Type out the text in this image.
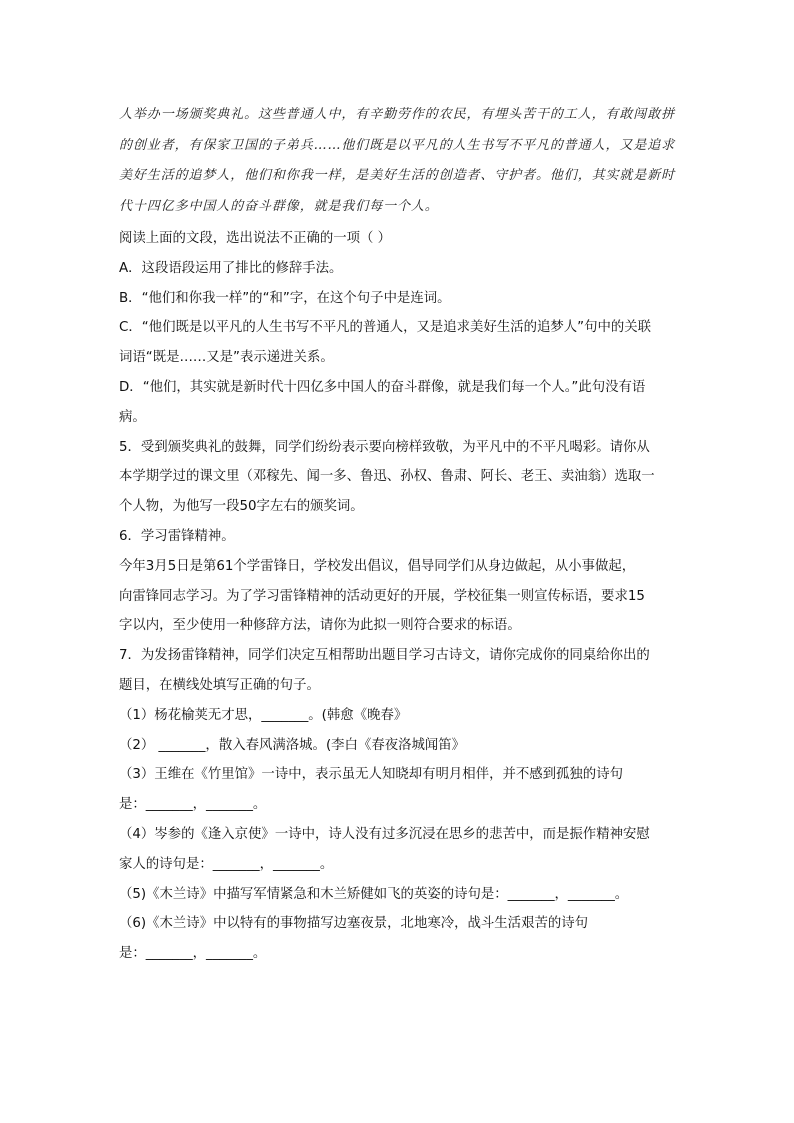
人举办一场颁奖典礼。这些普通人中，有辛勤劳作的农民，有埋头苦干的工人，有敢闯敢拼
的创业者，有保家卫国的子弟兵……他们既是以平凡的人生书写不平凡的普通人，又是追求
美好生活的追梦人，他们和你我一样，是美好生活的创造者、守护者。他们，其实就是新时
代十四亿多中国人的奋斗群像，就是我们每一个人。
阅读上面的文段，选出说法不正确的一项（ ）
A．这段语段运用了排比的修辞手法。
B．“他们和你我一样”的“和”字，在这个句子中是连词。
C．“他们既是以平凡的人生书写不平凡的普通人，又是追求美好生活的追梦人”句中的关联
词语“既是……又是”表示递进关系。
D．“他们，其实就是新时代十四亿多中国人的奋斗群像，就是我们每一个人。”此句没有语
病。
5．受到颁奖典礼的鼓舞，同学们纷纷表示要向榜样致敬，为平凡中的不平凡喝彩。请你从
本学期学过的课文里（邓稼先、闻一多、鲁迅、孙权、鲁肃、阿长、老王、卖油翁）选取一
个人物，为他写一段50字左右的颁奖词。
6．学习雷锋精神。
今年3月5日是第61个学雷锋日，学校发出倡议，倡导同学们从身边做起，从小事做起，
向雷锋同志学习。为了学习雷锋精神的活动更好的开展，学校征集一则宣传标语，要求15
字以内，至少使用一种修辞方法，请你为此拟一则符合要求的标语。
7．为发扬雷锋精神，同学们决定互相帮助出题目学习古诗文，请你完成你的同桌给你出的
题目，在横线处填写正确的句子。
（1）杨花榆荚无才思，_______。(韩愈《晚春》
（2） _______，散入春风满洛城。(李白《春夜洛城闻笛》
（3）王维在《竹里馆》一诗中，表示虽无人知晓却有明月相伴，并不感到孤独的诗句
是：_______，_______。
（4）岑参的《逢入京使》一诗中，诗人没有过多沉浸在思乡的悲苦中，而是振作精神安慰
家人的诗句是：_______，_______。
（5)《木兰诗》中描写军情紧急和木兰矫健如飞的英姿的诗句是：_______，_______。
（6)《木兰诗》中以特有的事物描写边塞夜景，北地寒冷，战斗生活艰苦的诗句
是：_______，_______。
